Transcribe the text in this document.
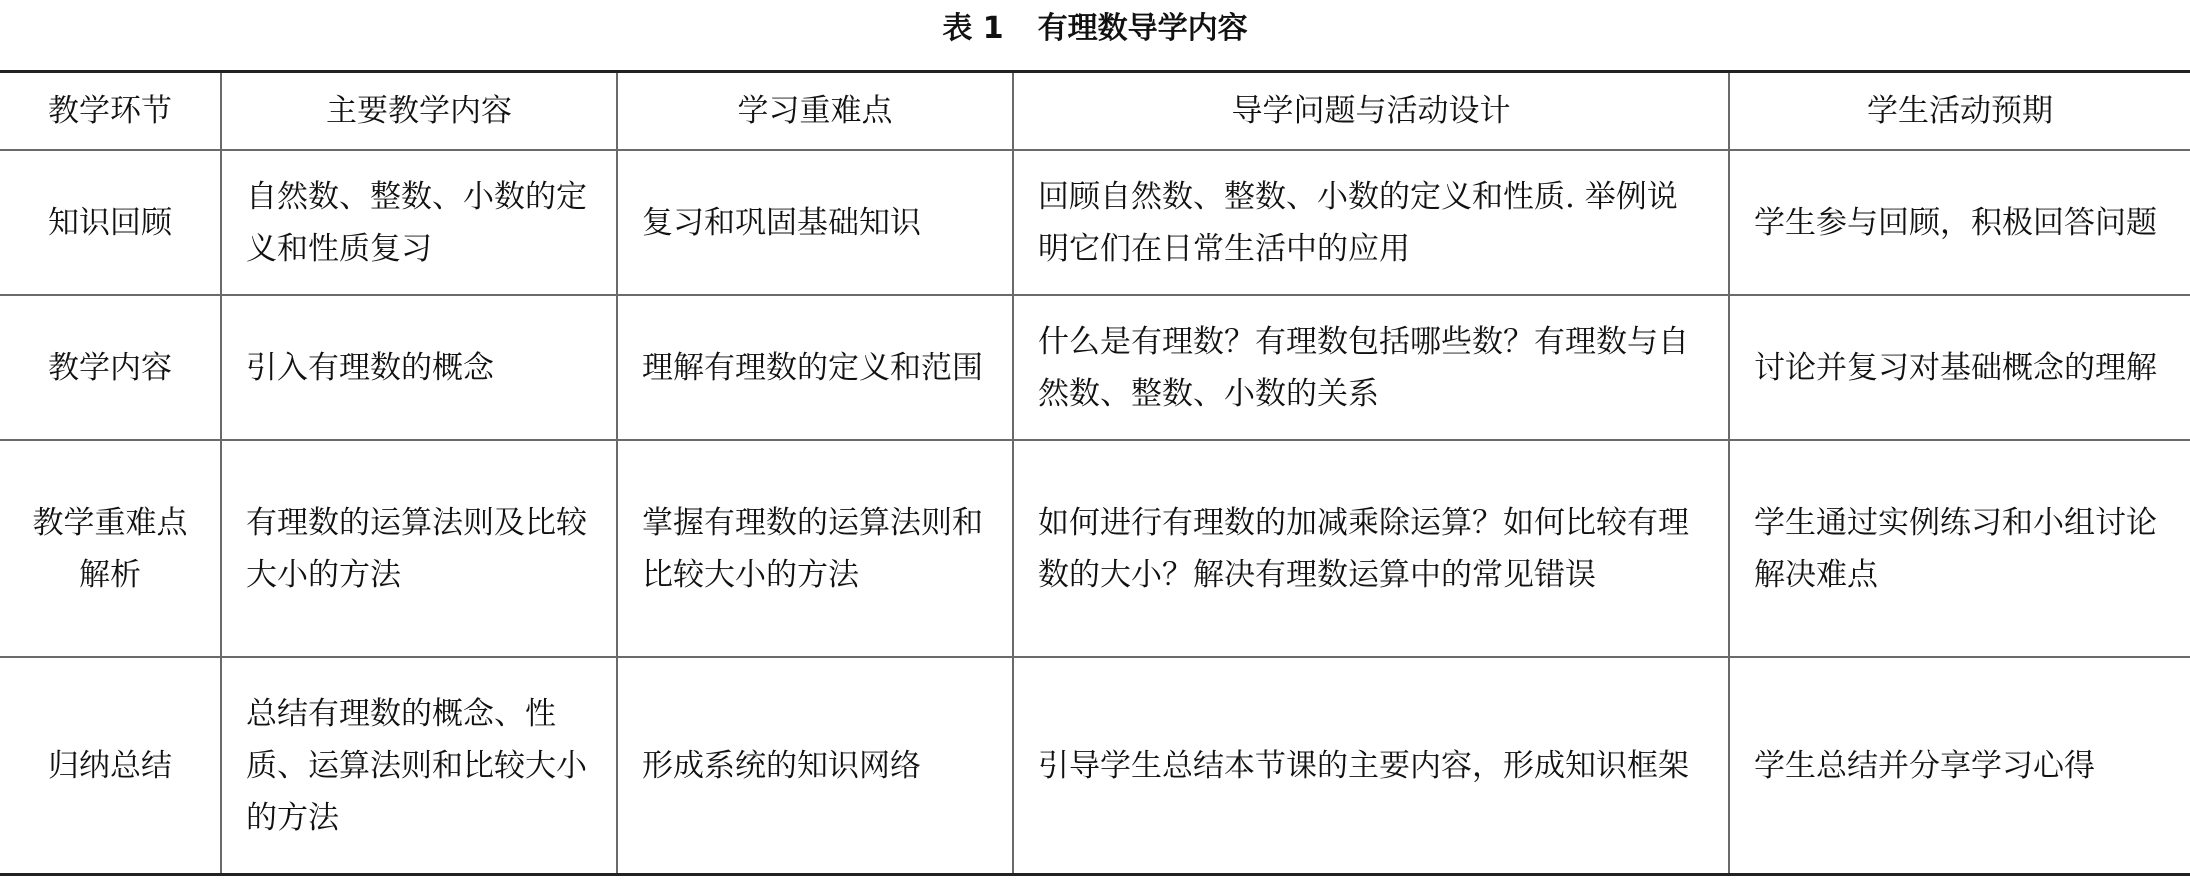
表 1 有理数导学内容
教学环节	主要教学内容	学习重难点	导学问题与活动设计	学生活动预期
知识回顾	自然数、整数、小数的定义和性质复习	复习和巩固基础知识	回顾自然数、整数、小数的定义和性质. 举例说明它们在日常生活中的应用	学生参与回顾，积极回答问题
教学内容	引入有理数的概念	理解有理数的定义和范围	什么是有理数？有理数包括哪些数？有理数与自然数、整数、小数的关系	讨论并复习对基础概念的理解
教学重难点解析	有理数的运算法则及比较大小的方法	掌握有理数的运算法则和比较大小的方法	如何进行有理数的加减乘除运算？如何比较有理数的大小？解决有理数运算中的常见错误	学生通过实例练习和小组讨论解决难点
归纳总结	总结有理数的概念、性质、运算法则和比较大小的方法	形成系统的知识网络	引导学生总结本节课的主要内容，形成知识框架	学生总结并分享学习心得
